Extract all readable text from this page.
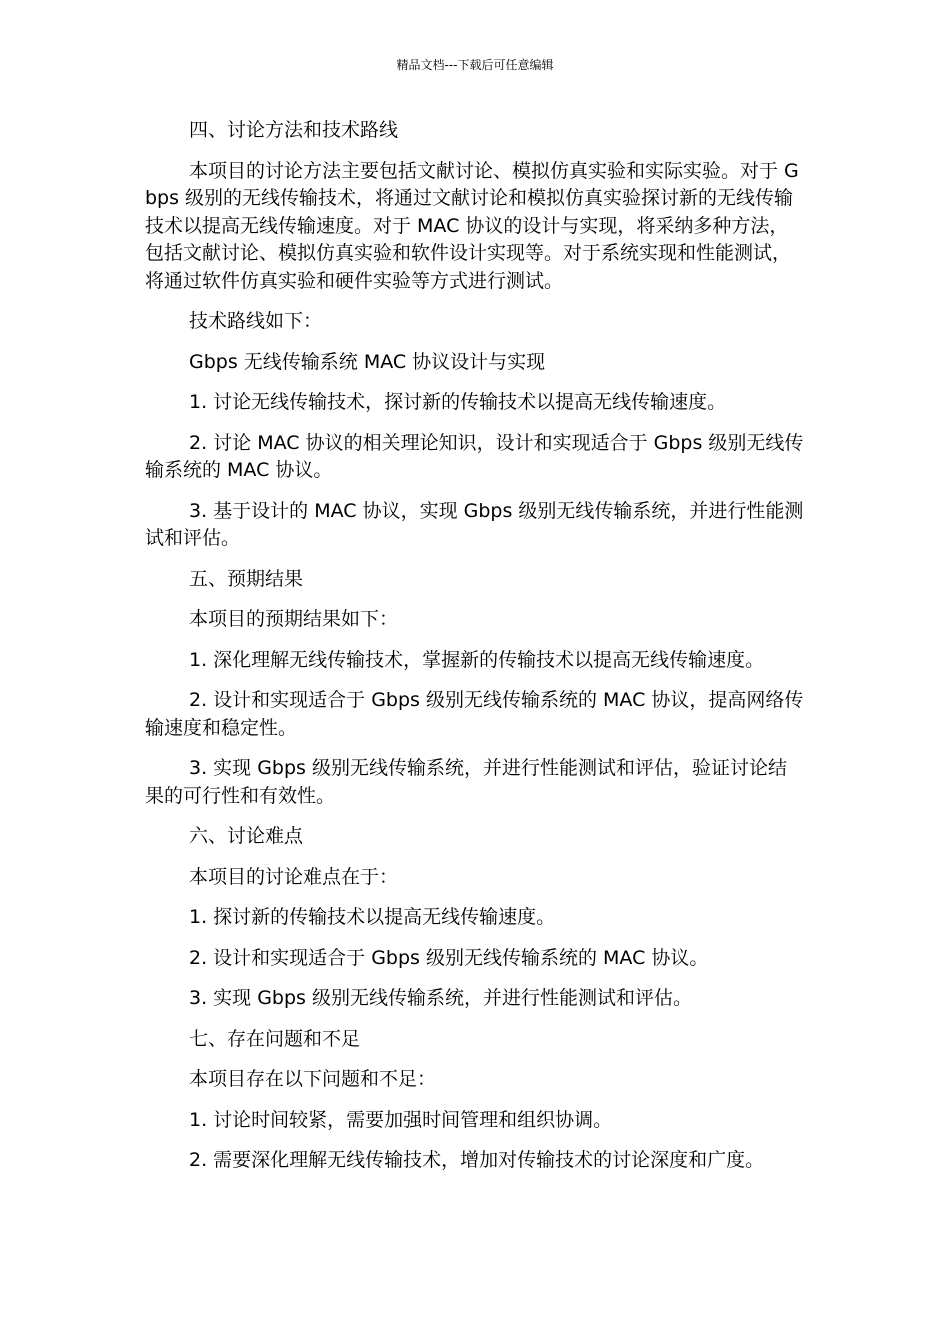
精品文档---下载后可任意编辑

四、讨论方法和技术路线

本项目的讨论方法主要包括文献讨论、模拟仿真实验和实际实验。对于 Gbps 级别的无线传输技术，将通过文献讨论和模拟仿真实验探讨新的无线传输技术以提高无线传输速度。对于 MAC 协议的设计与实现，将采纳多种方法，包括文献讨论、模拟仿真实验和软件设计实现等。对于系统实现和性能测试，将通过软件仿真实验和硬件实验等方式进行测试。

技术路线如下：

Gbps 无线传输系统 MAC 协议设计与实现

1. 讨论无线传输技术，探讨新的传输技术以提高无线传输速度。

2. 讨论 MAC 协议的相关理论知识，设计和实现适合于 Gbps 级别无线传输系统的 MAC 协议。

3. 基于设计的 MAC 协议，实现 Gbps 级别无线传输系统，并进行性能测试和评估。

五、预期结果

本项目的预期结果如下：

1. 深化理解无线传输技术，掌握新的传输技术以提高无线传输速度。

2. 设计和实现适合于 Gbps 级别无线传输系统的 MAC 协议，提高网络传输速度和稳定性。

3. 实现 Gbps 级别无线传输系统，并进行性能测试和评估，验证讨论结果的可行性和有效性。

六、讨论难点

本项目的讨论难点在于：

1. 探讨新的传输技术以提高无线传输速度。

2. 设计和实现适合于 Gbps 级别无线传输系统的 MAC 协议。

3. 实现 Gbps 级别无线传输系统，并进行性能测试和评估。

七、存在问题和不足

本项目存在以下问题和不足：

1. 讨论时间较紧，需要加强时间管理和组织协调。

2. 需要深化理解无线传输技术，增加对传输技术的讨论深度和广度。
